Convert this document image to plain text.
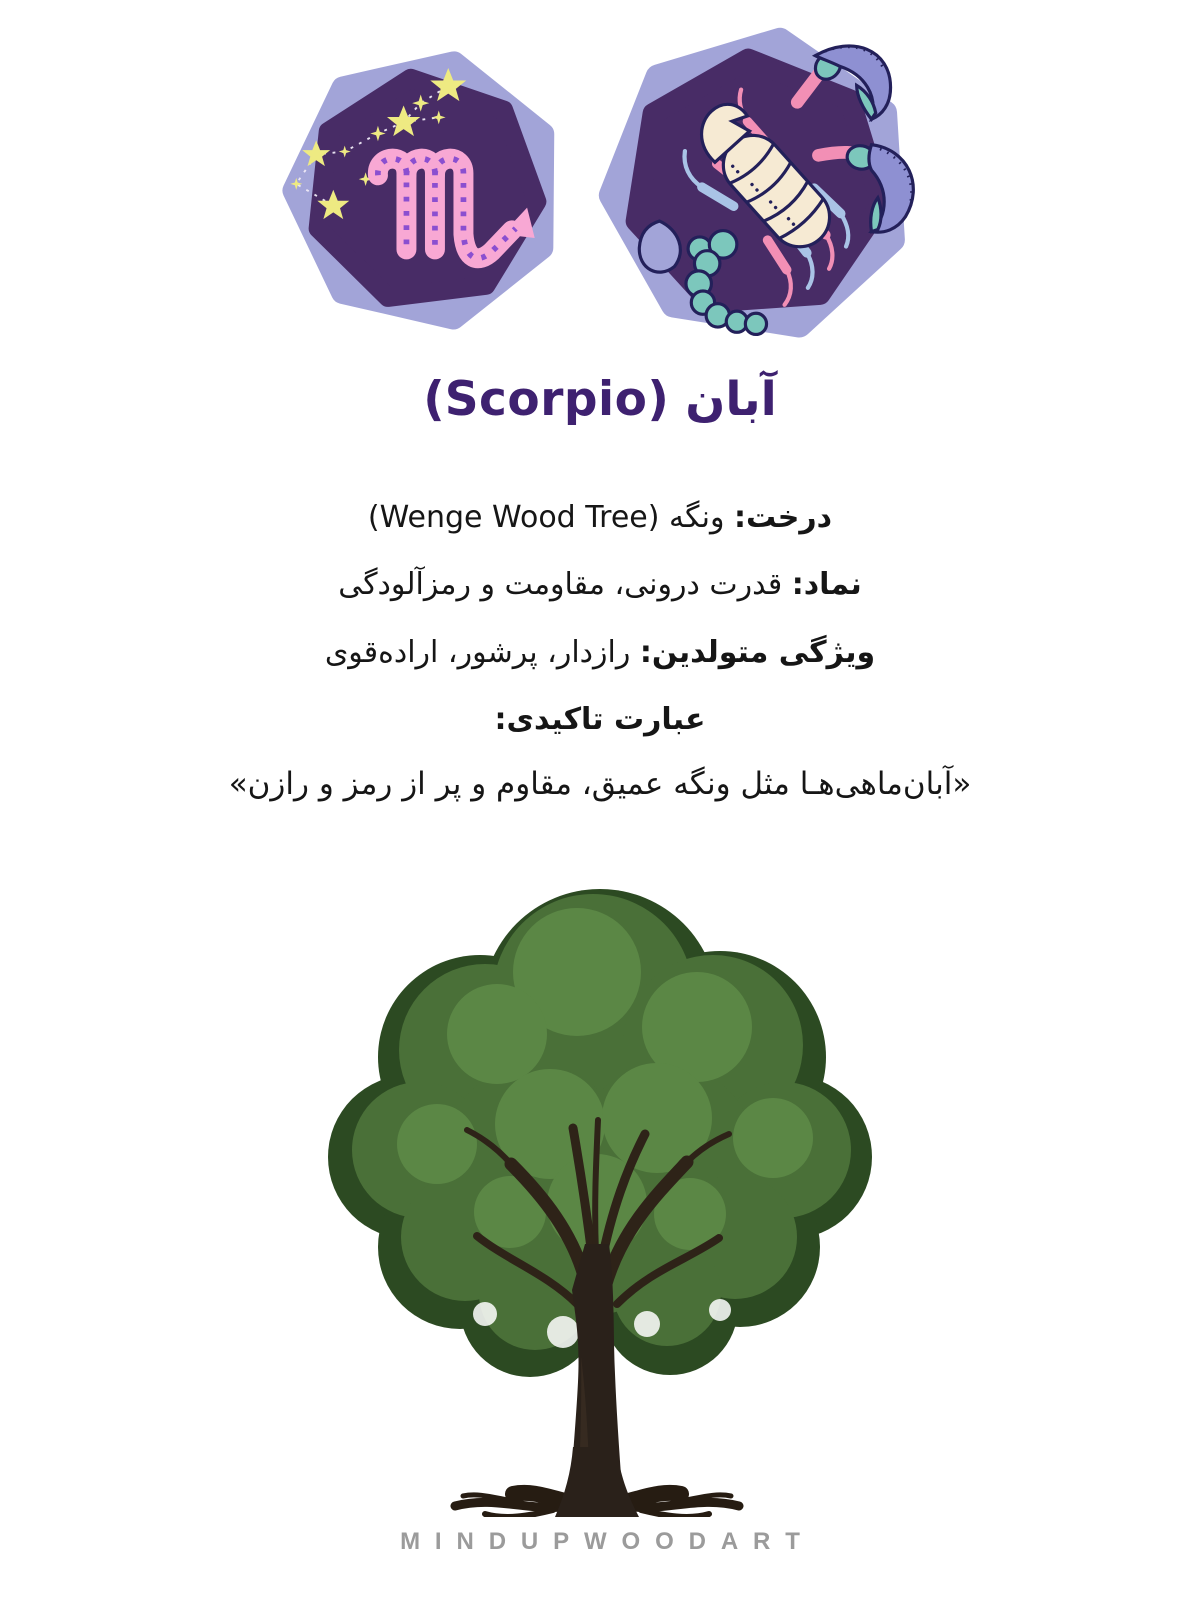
آبان (Scorpio)

درخت: ونگه (Wenge Wood Tree)

نماد: قدرت درونی، مقاومت و رمزآلودگی

ویژگی متولدین: رازدار، پرشور، اراده‌قوی

عبارت تاکیدی:

«آبان‌ماهی‌هـا مثل ونگه عمیق، مقاوم و پر از رمز و رازن»

MINDUPWOODART
